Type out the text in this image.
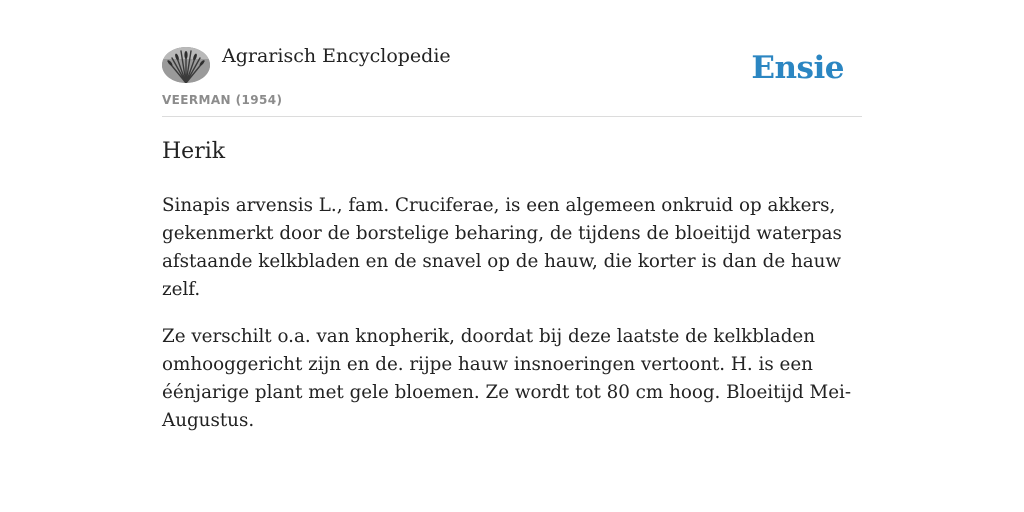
Agrarisch Encyclopedie
VEERMAN (1954)
Ensie
Herik

Sinapis arvensis L., fam. Cruciferae, is een algemeen onkruid op akkers, gekenmerkt door de borstelige beharing, de tijdens de bloeitijd waterpas afstaande kelkbladen en de snavel op de hauw, die korter is dan de hauw zelf.

Ze verschilt o.a. van knopherik, doordat bij deze laatste de kelkbladen omhooggericht zijn en de. rijpe hauw insnoeringen vertoont. H. is een éénjarige plant met gele bloemen. Ze wordt tot 80 cm hoog. Bloeitijd Mei-Augustus.
